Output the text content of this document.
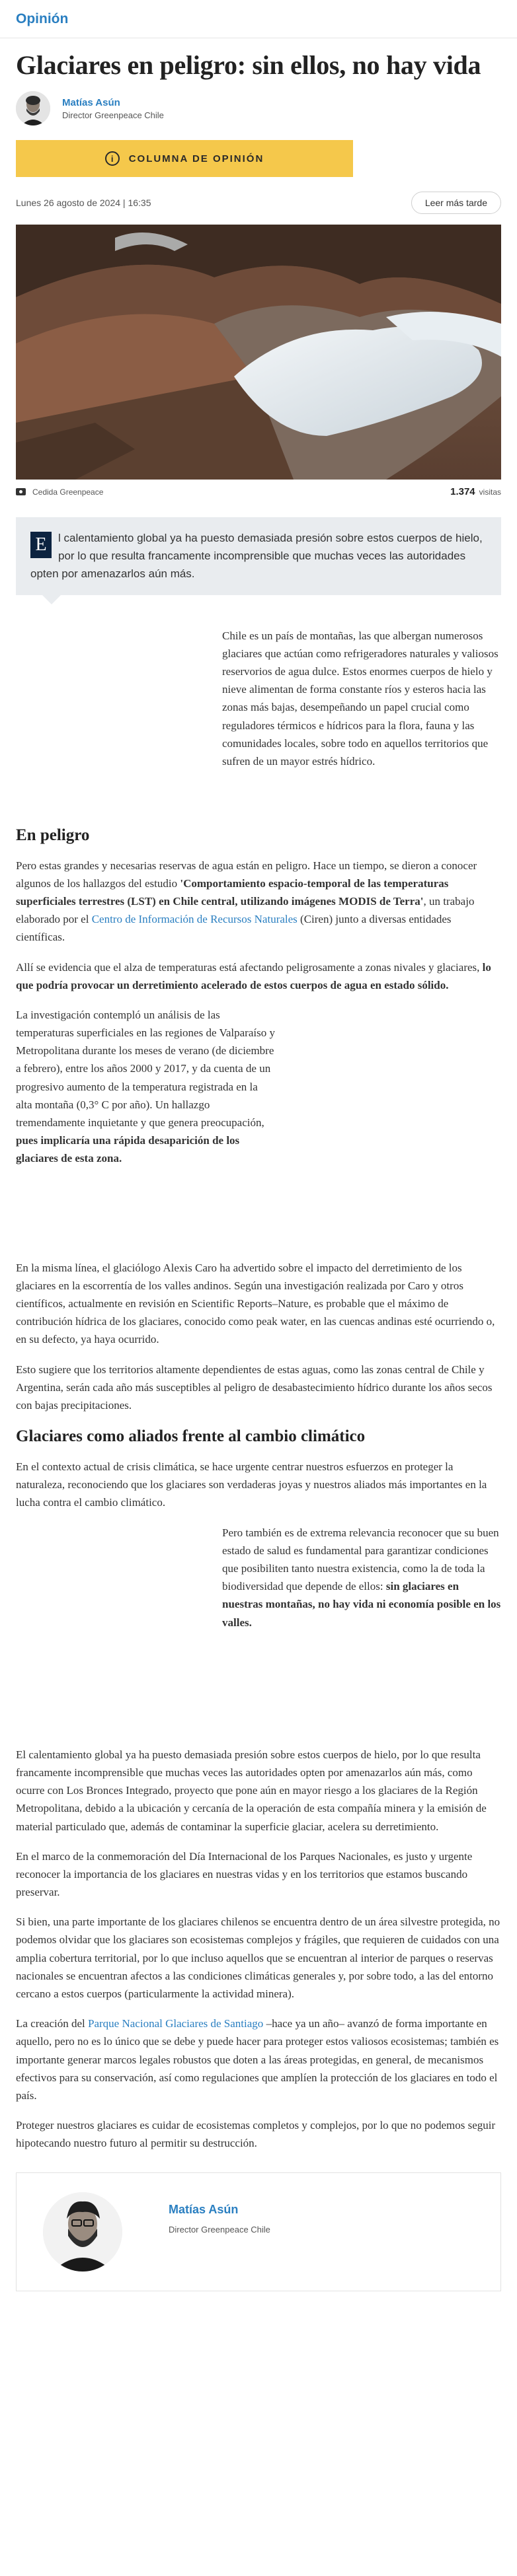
Opinión
Glaciares en peligro: sin ellos, no hay vida
Matías Asún
Director Greenpeace Chile
i	COLUMNA DE OPINIÓN
Lunes 26 agosto de 2024 | 16:35	Leer más tarde
Cedida Greenpeace	1.374 visitas
E	l calentamiento global ya ha puesto demasiada presión sobre estos cuerpos de hielo, por lo que resulta francamente incomprensible que muchas veces las autoridades opten por amenazarlos aún más.

Chile es un país de montañas, las que albergan numerosos glaciares que actúan como refrigeradores naturales y valiosos reservorios de agua dulce. Estos enormes cuerpos de hielo y nieve alimentan de forma constante ríos y esteros hacia las zonas más bajas, desempeñando un papel crucial como reguladores térmicos e hídricos para la flora, fauna y las comunidades locales, sobre todo en aquellos territorios que sufren de un mayor estrés hídrico.

En peligro

Pero estas grandes y necesarias reservas de agua están en peligro. Hace un tiempo, se dieron a conocer algunos de los hallazgos del estudio 'Comportamiento espacio-temporal de las temperaturas superficiales terrestres (LST) en Chile central, utilizando imágenes MODIS de Terra', un trabajo elaborado por el Centro de Información de Recursos Naturales (Ciren) junto a diversas entidades científicas.

Allí se evidencia que el alza de temperaturas está afectando peligrosamente a zonas nivales y glaciares, lo que podría provocar un derretimiento acelerado de estos cuerpos de agua en estado sólido.

La investigación contempló un análisis de las temperaturas superficiales en las regiones de Valparaíso y Metropolitana durante los meses de verano (de diciembre a febrero), entre los años 2000 y 2017, y da cuenta de un progresivo aumento de la temperatura registrada en la alta montaña (0,3° C por año). Un hallazgo tremendamente inquietante y que genera preocupación, pues implicaría una rápida desaparición de los glaciares de esta zona.

En la misma línea, el glaciólogo Alexis Caro ha advertido sobre el impacto del derretimiento de los glaciares en la escorrentía de los valles andinos. Según una investigación realizada por Caro y otros científicos, actualmente en revisión en Scientific Reports–Nature, es probable que el máximo de contribución hídrica de los glaciares, conocido como peak water, en las cuencas andinas esté ocurriendo o, en su defecto, ya haya ocurrido.

Esto sugiere que los territorios altamente dependientes de estas aguas, como las zonas central de Chile y Argentina, serán cada año más susceptibles al peligro de desabastecimiento hídrico durante los años secos con bajas precipitaciones.

Glaciares como aliados frente al cambio climático

En el contexto actual de crisis climática, se hace urgente centrar nuestros esfuerzos en proteger la naturaleza, reconociendo que los glaciares son verdaderas joyas y nuestros aliados más importantes en la lucha contra el cambio climático.

Pero también es de extrema relevancia reconocer que su buen estado de salud es fundamental para garantizar condiciones que posibiliten tanto nuestra existencia, como la de toda la biodiversidad que depende de ellos: sin glaciares en nuestras montañas, no hay vida ni economía posible en los valles.

El calentamiento global ya ha puesto demasiada presión sobre estos cuerpos de hielo, por lo que resulta francamente incomprensible que muchas veces las autoridades opten por amenazarlos aún más, como ocurre con Los Bronces Integrado, proyecto que pone aún en mayor riesgo a los glaciares de la Región Metropolitana, debido a la ubicación y cercanía de la operación de esta compañía minera y la emisión de material particulado que, además de contaminar la superficie glaciar, acelera su derretimiento.

En el marco de la conmemoración del Día Internacional de los Parques Nacionales, es justo y urgente reconocer la importancia de los glaciares en nuestras vidas y en los territorios que estamos buscando preservar.

Si bien, una parte importante de los glaciares chilenos se encuentra dentro de un área silvestre protegida, no podemos olvidar que los glaciares son ecosistemas complejos y frágiles, que requieren de cuidados con una amplia cobertura territorial, por lo que incluso aquellos que se encuentran al interior de parques o reservas nacionales se encuentran afectos a las condiciones climáticas generales y, por sobre todo, a las del entorno cercano a estos cuerpos (particularmente la actividad minera).

La creación del Parque Nacional Glaciares de Santiago –hace ya un año– avanzó de forma importante en aquello, pero no es lo único que se debe y puede hacer para proteger estos valiosos ecosistemas; también es importante generar marcos legales robustos que doten a las áreas protegidas, en general, de mecanismos efectivos para su conservación, así como regulaciones que amplíen la protección de los glaciares en todo el país.

Proteger nuestros glaciares es cuidar de ecosistemas completos y complejos, por lo que no podemos seguir hipotecando nuestro futuro al permitir su destrucción.

Matías Asún
Director Greenpeace Chile
